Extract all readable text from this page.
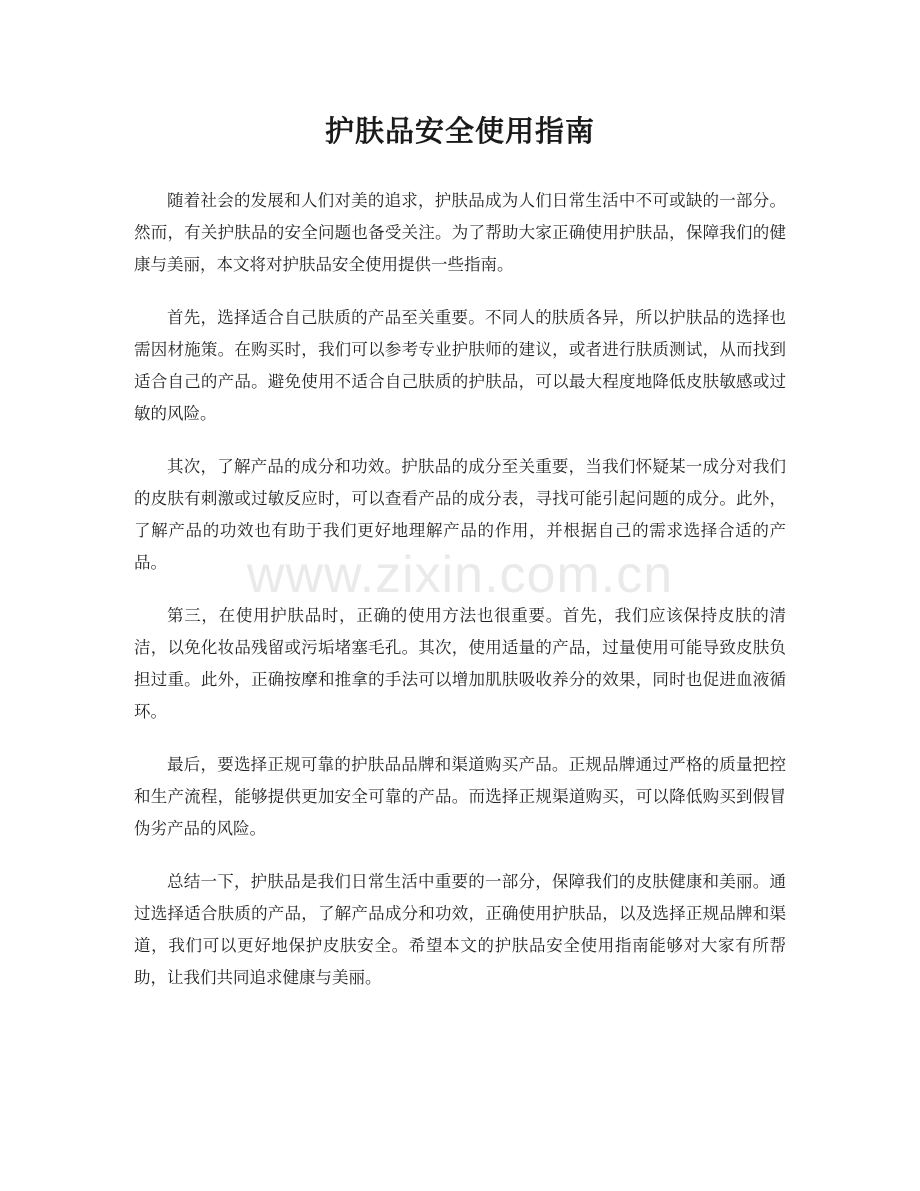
护肤品安全使用指南

随着社会的发展和人们对美的追求，护肤品成为人们日常生活中不可或缺的一部分。然而，有关护肤品的安全问题也备受关注。为了帮助大家正确使用护肤品，保障我们的健康与美丽，本文将对护肤品安全使用提供一些指南。

首先，选择适合自己肤质的产品至关重要。不同人的肤质各异，所以护肤品的选择也需因材施策。在购买时，我们可以参考专业护肤师的建议，或者进行肤质测试，从而找到适合自己的产品。避免使用不适合自己肤质的护肤品，可以最大程度地降低皮肤敏感或过敏的风险。

其次，了解产品的成分和功效。护肤品的成分至关重要，当我们怀疑某一成分对我们的皮肤有刺激或过敏反应时，可以查看产品的成分表，寻找可能引起问题的成分。此外，了解产品的功效也有助于我们更好地理解产品的作用，并根据自己的需求选择合适的产品。

第三，在使用护肤品时，正确的使用方法也很重要。首先，我们应该保持皮肤的清洁，以免化妆品残留或污垢堵塞毛孔。其次，使用适量的产品，过量使用可能导致皮肤负担过重。此外，正确按摩和推拿的手法可以增加肌肤吸收养分的效果，同时也促进血液循环。

最后，要选择正规可靠的护肤品品牌和渠道购买产品。正规品牌通过严格的质量把控和生产流程，能够提供更加安全可靠的产品。而选择正规渠道购买，可以降低购买到假冒伪劣产品的风险。

总结一下，护肤品是我们日常生活中重要的一部分，保障我们的皮肤健康和美丽。通过选择适合肤质的产品，了解产品成分和功效，正确使用护肤品，以及选择正规品牌和渠道，我们可以更好地保护皮肤安全。希望本文的护肤品安全使用指南能够对大家有所帮助，让我们共同追求健康与美丽。

www.zixin.com.cn
